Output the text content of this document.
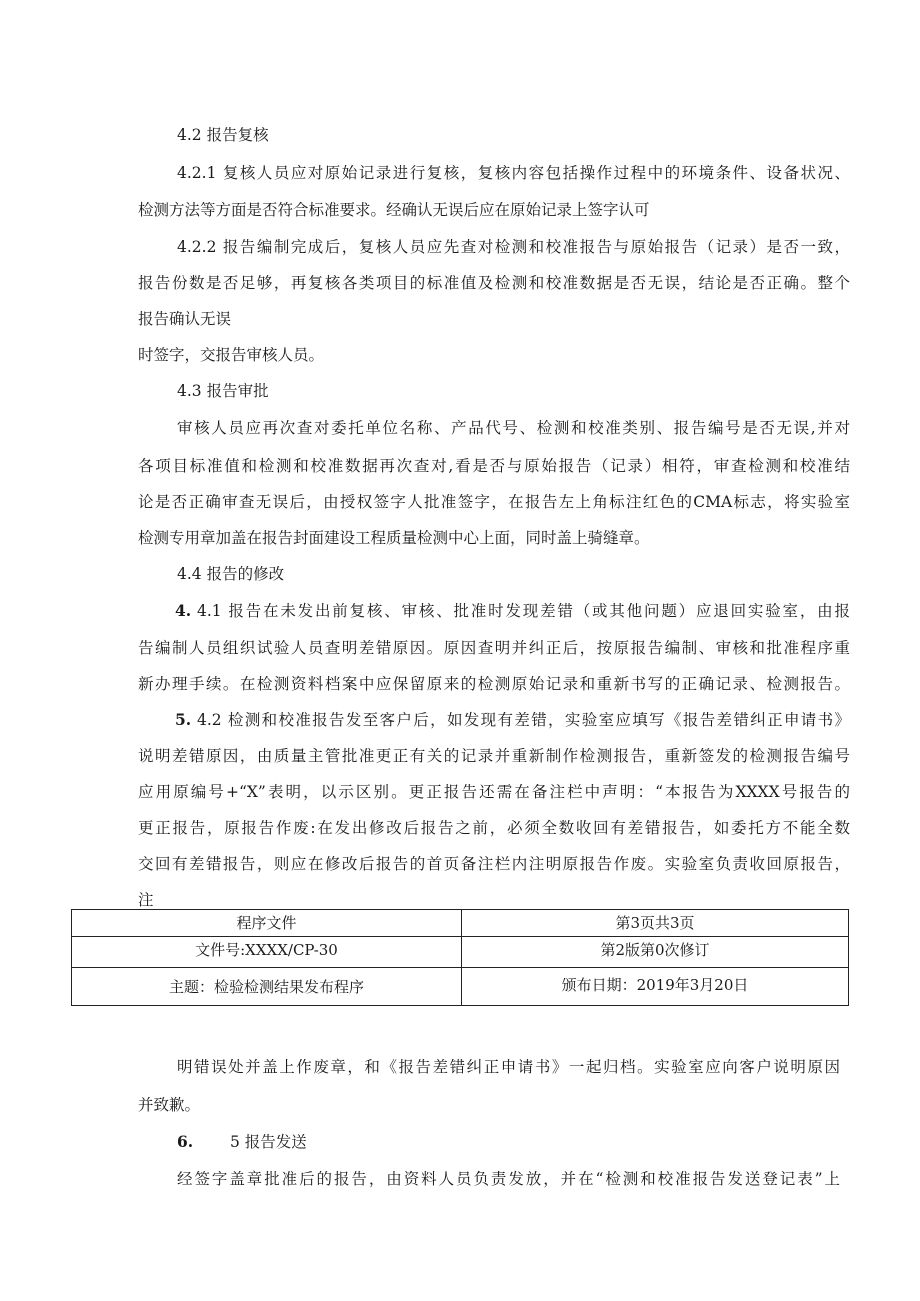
4.2 报告复核
4.2.1 复核人员应对原始记录进行复核，复核内容包括操作过程中的环境条件、设备状况、
检测方法等方面是否符合标准要求。经确认无误后应在原始记录上签字认可
4.2.2 报告编制完成后，复核人员应先查对检测和校准报告与原始报告（记录）是否一致，
报告份数是否足够，再复核各类项目的标准值及检测和校准数据是否无误，结论是否正确。整个
报告确认无误
时签字，交报告审核人员。
4.3 报告审批
审核人员应再次查对委托单位名称、产品代号、检测和校准类别、报告编号是否无误,并对
各项目标准值和检测和校准数据再次查对,看是否与原始报告（记录）相符，审查检测和校准结
论是否正确审查无误后，由授权签字人批准签字，在报告左上角标注红色的CMA标志，将实验室
检测专用章加盖在报告封面建设工程质量检测中心上面，同时盖上骑缝章。
4.4 报告的修改
4. 4.1 报告在未发出前复核、审核、批准时发现差错（或其他问题）应退回实验室，由报
告编制人员组织试验人员查明差错原因。原因查明并纠正后，按原报告编制、审核和批准程序重
新办理手续。在检测资料档案中应保留原来的检测原始记录和重新书写的正确记录、检测报告。
5. 4.2 检测和校准报告发至客户后，如发现有差错，实验室应填写《报告差错纠正申请书》
说明差错原因，由质量主管批准更正有关的记录并重新制作检测报告，重新签发的检测报告编号
应用原编号+“X”表明，以示区别。更正报告还需在备注栏中声明：“本报告为XXXX号报告的
更正报告，原报告作废:在发出修改后报告之前，必须全数收回有差错报告，如委托方不能全数
交回有差错报告，则应在修改后报告的首页备注栏内注明原报告作废。实验室负责收回原报告，
注
程序文件	第3页共3页
文件号:XXXX/CP-30	第2版第0次修订
主题：检验检测结果发布程序	颁布日期：2019年3月20日
明错误处并盖上作废章，和《报告差错纠正申请书》一起归档。实验室应向客户说明原因
并致歉。
6. 5 报告发送
经签字盖章批准后的报告，由资料人员负责发放，并在“检测和校准报告发送登记表”上
